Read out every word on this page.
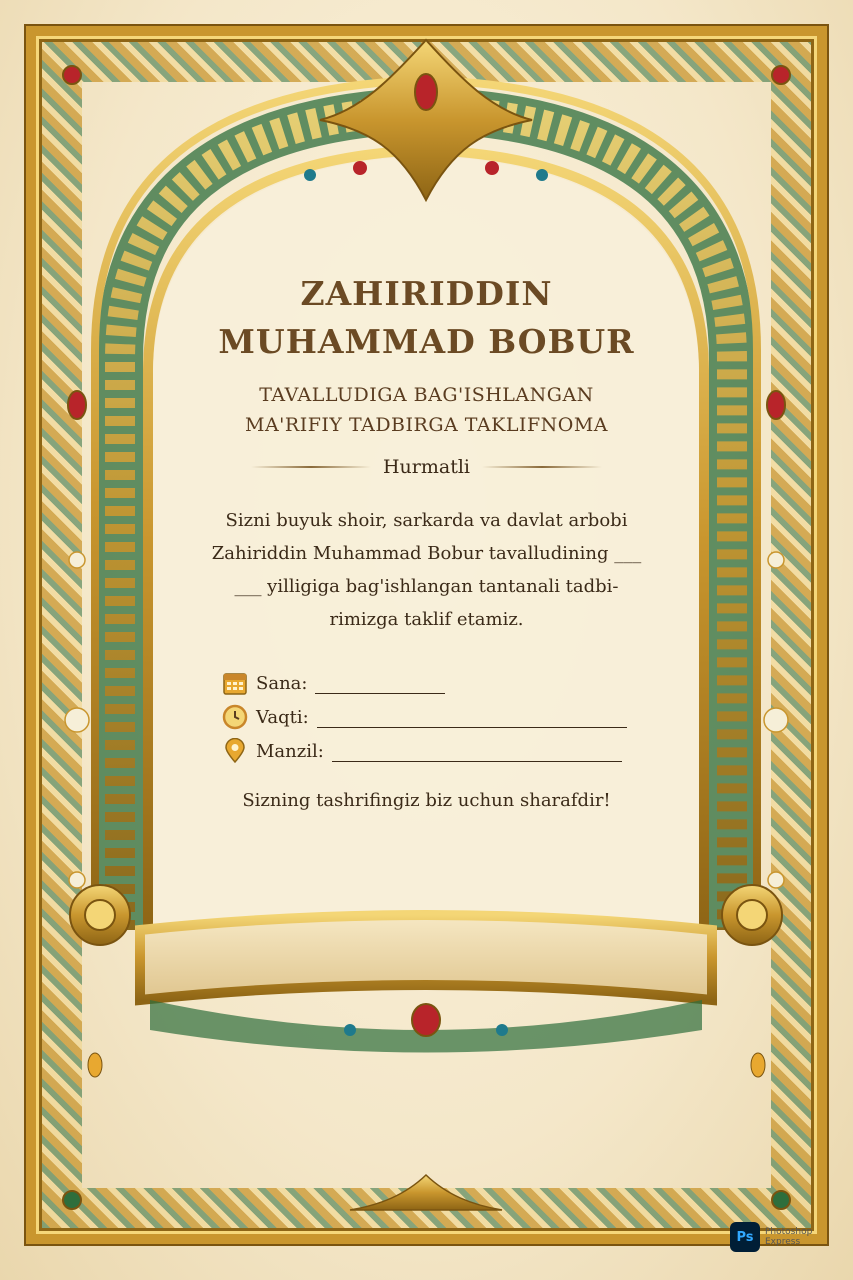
ZAHIRIDDIN
MUHAMMAD BOBUR

TAVALLUDIGA BAG'ISHLANGAN
MA'RIFIY TADBIRGA TAKLIFNOMA

Hurmatli
Sizni buyuk shoir, sarkarda va davlat arbobi
Zahiriddin Muhammad Bobur tavalludining ___
___ yilligiga bag'ishlangan tantanali tadbi-
rimizga taklif etamiz.
Sana:
Vaqti:
Manzil:
Sizning tashrifingiz biz uchun sharafdir!
Ps	Photoshop
Express
